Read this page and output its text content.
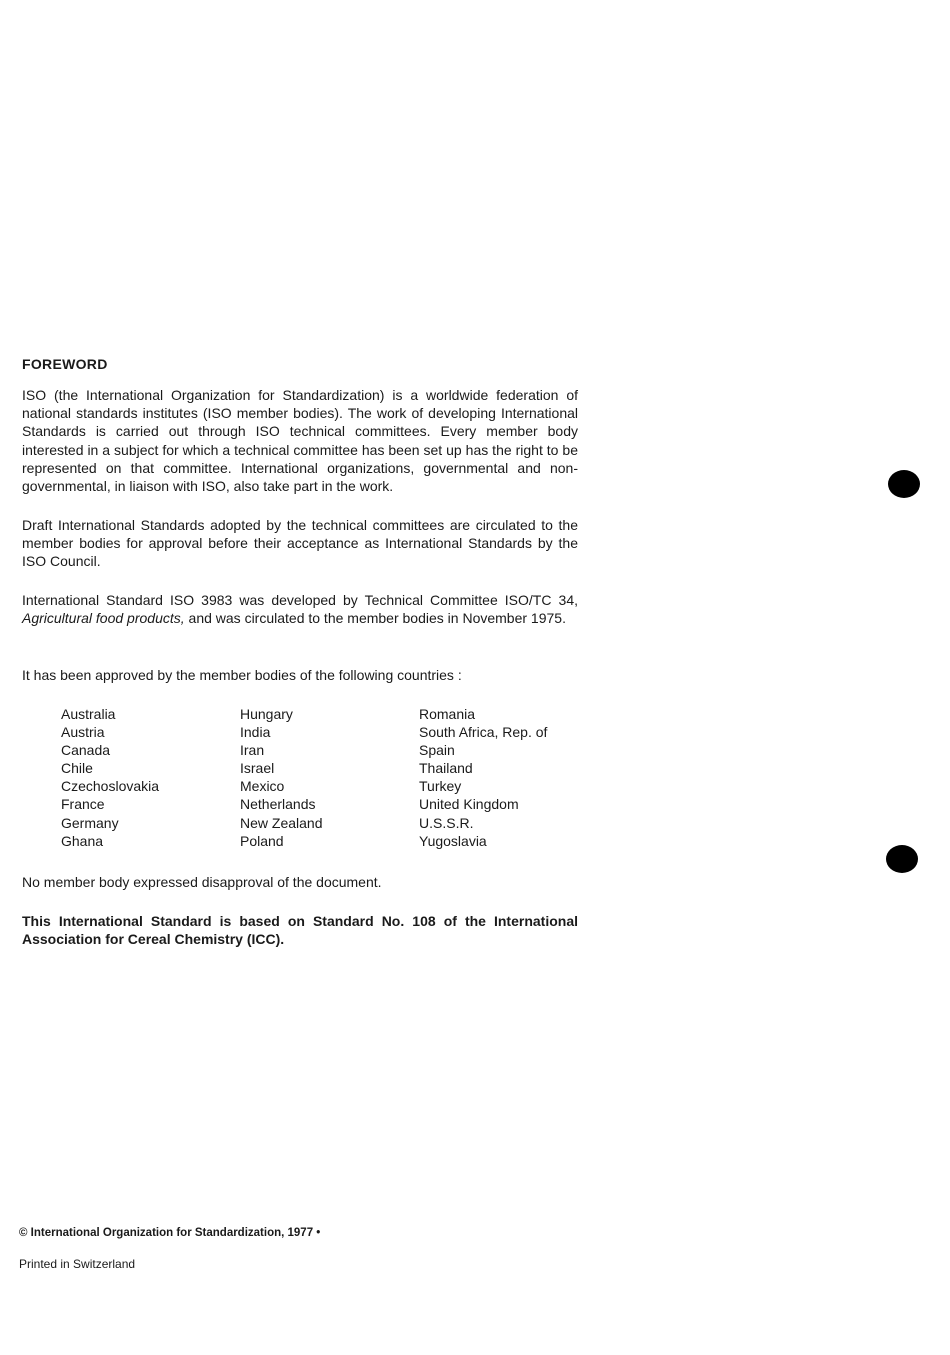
FOREWORD

ISO (the International Organization for Standardization) is a worldwide federation of national standards institutes (ISO member bodies). The work of developing International Standards is carried out through ISO technical committees. Every member body interested in a subject for which a technical committee has been set up has the right to be represented on that committee. International organizations, governmental and non-governmental, in liaison with ISO, also take part in the work.

Draft International Standards adopted by the technical committees are circulated to the member bodies for approval before their acceptance as International Standards by the ISO Council.

International Standard ISO 3983 was developed by Technical Committee ISO/TC 34, Agricultural food products, and was circulated to the member bodies in November 1975.

It has been approved by the member bodies of the following countries :

Australia
Austria
Canada
Chile
Czechoslovakia
France
Germany
Ghana
Hungary
India
Iran
Israel
Mexico
Netherlands
New Zealand
Poland
Romania
South Africa, Rep. of
Spain
Thailand
Turkey
United Kingdom
U.S.S.R.
Yugoslavia

No member body expressed disapproval of the document.

This International Standard is based on Standard No. 108 of the International Association for Cereal Chemistry (ICC).

© International Organization for Standardization, 1977 •

Printed in Switzerland
